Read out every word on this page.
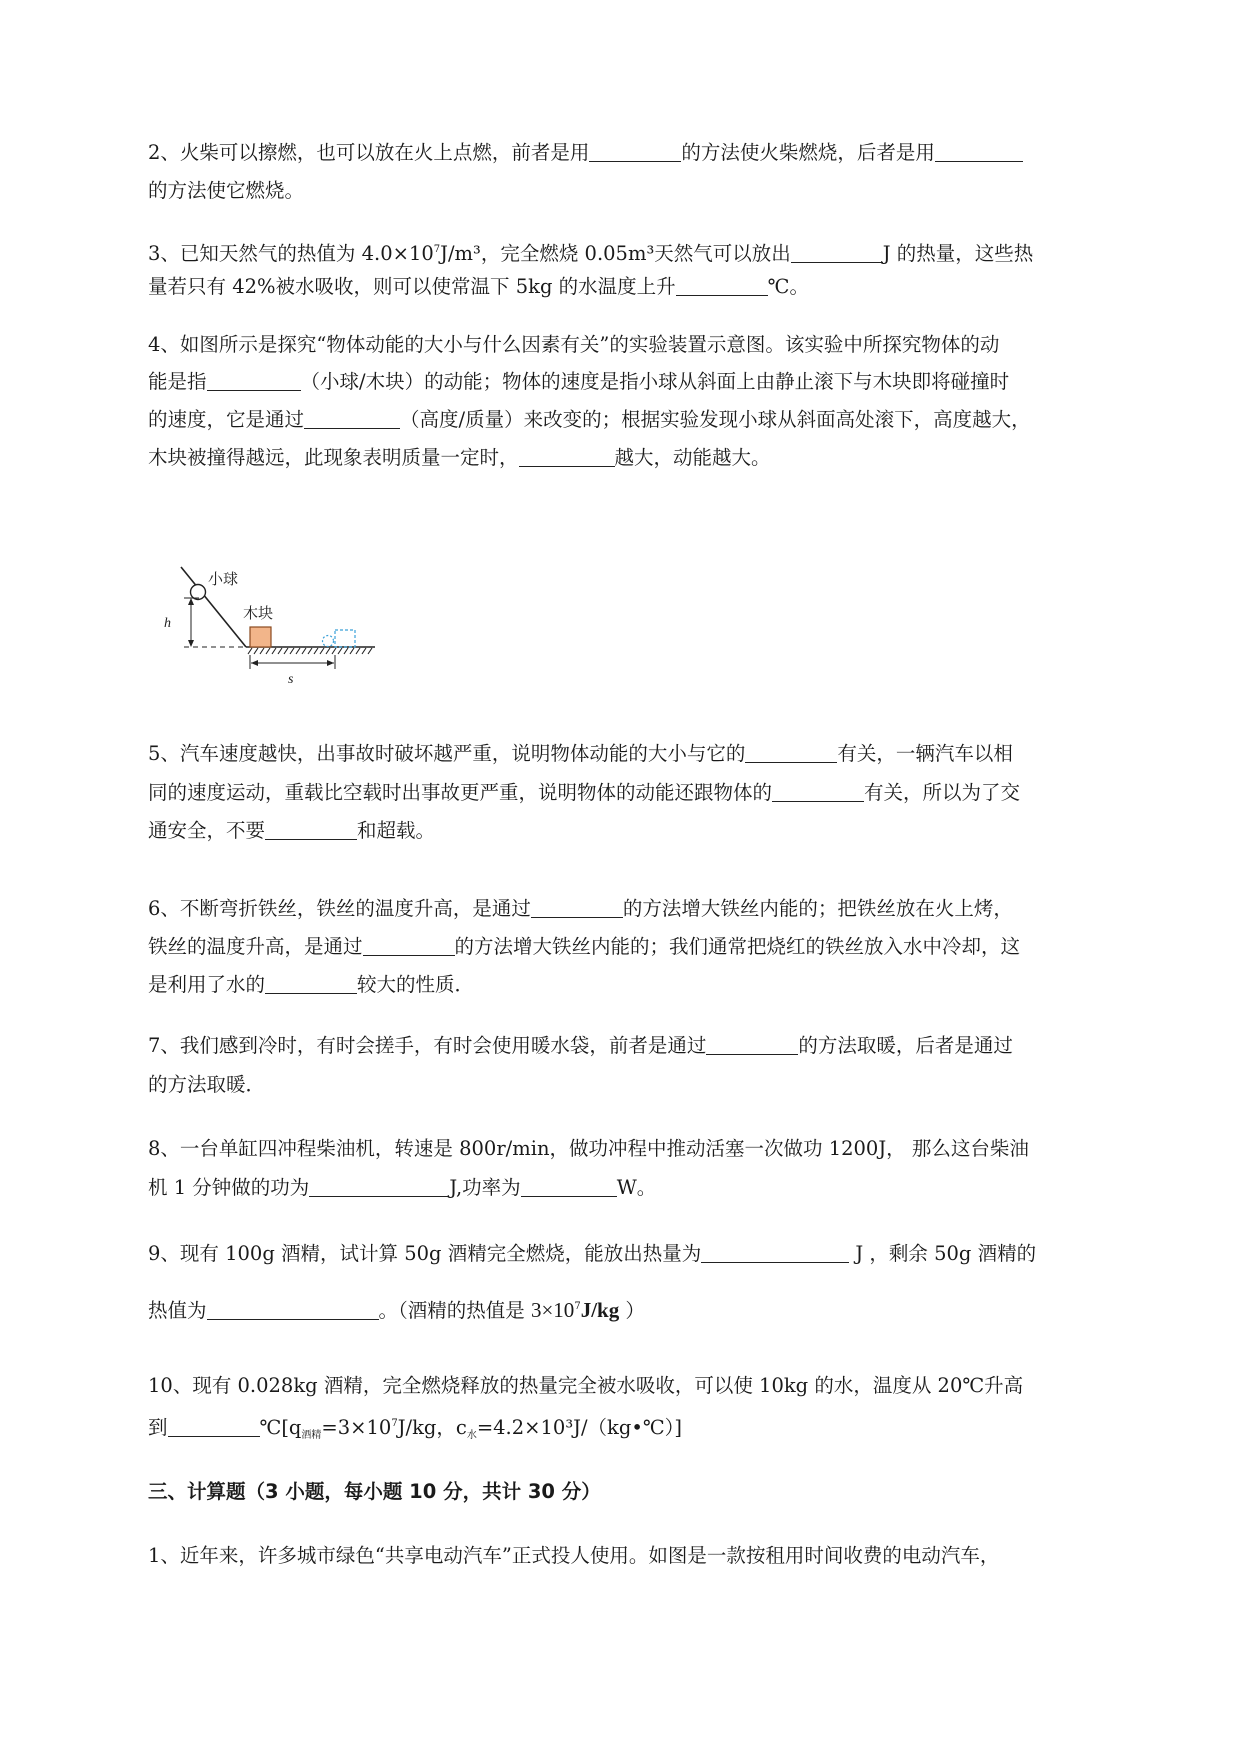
2、火柴可以擦燃，也可以放在火上点燃，前者是用	的方法使火柴燃烧，后者是用
的方法使它燃烧。
3、已知天然气的热值为 $4.0\times 10^7J/m^3$，完全燃烧 0.05m³天然气可以放出	J 的热量，这些热
量若只有 42%被水吸收，则可以使常温下 5kg 的水温度上升	℃。
4、如图所示是探究“物体动能的大小与什么因素有关”的实验装置示意图。该实验中所探究物体的动
能是指	（小球/木块）的动能；物体的速度是指小球从斜面上由静止滚下与木块即将碰撞时
的速度，它是通过	（高度/质量）来改变的；根据实验发现小球从斜面高处滚下，高度越大，
木块被撞得越远，此现象表明质量一定时，	越大，动能越大。
小球
h
木块
s
5、汽车速度越快，出事故时破坏越严重，说明物体动能的大小与它的	有关，一辆汽车以相
同的速度运动，重载比空载时出事故更严重，说明物体的动能还跟物体的	有关，所以为了交
通安全，不要	和超载。
6、不断弯折铁丝，铁丝的温度升高，是通过	的方法增大铁丝内能的；把铁丝放在火上烤，
铁丝的温度升高，是通过	的方法增大铁丝内能的；我们通常把烧红的铁丝放入水中冷却，这
是利用了水的	较大的性质．
7、我们感到冷时，有时会搓手，有时会使用暖水袋，前者是通过	的方法取暖，后者是通过
的方法取暖．
8、一台单缸四冲程柴油机，转速是 800r/min，做功冲程中推动活塞一次做功 1200J， 那么这台柴油
机 1 分钟做的功为	J,功率为	W。
9、现有 100g 酒精，试计算 50g 酒精完全燃烧，能放出热量为	J ，剩余 50g 酒精的
热值为	。（酒精的热值是 $3\times 10^7J/kg$ ）
10、现有 0.028kg 酒精，完全燃烧释放的热量完全被水吸收，可以使 10kg 的水，温度从 20℃升高
到	$℃[q_{酒精}=3\times 10^7J/kg$，$c_水=4.2\times 10^3J/(kg•℃)$]
三、计算题（3 小题，每小题 10 分，共计 30 分）
1、近年来，许多城市绿色“共享电动汽车”正式投人使用。如图是一款按租用时间收费的电动汽车，
